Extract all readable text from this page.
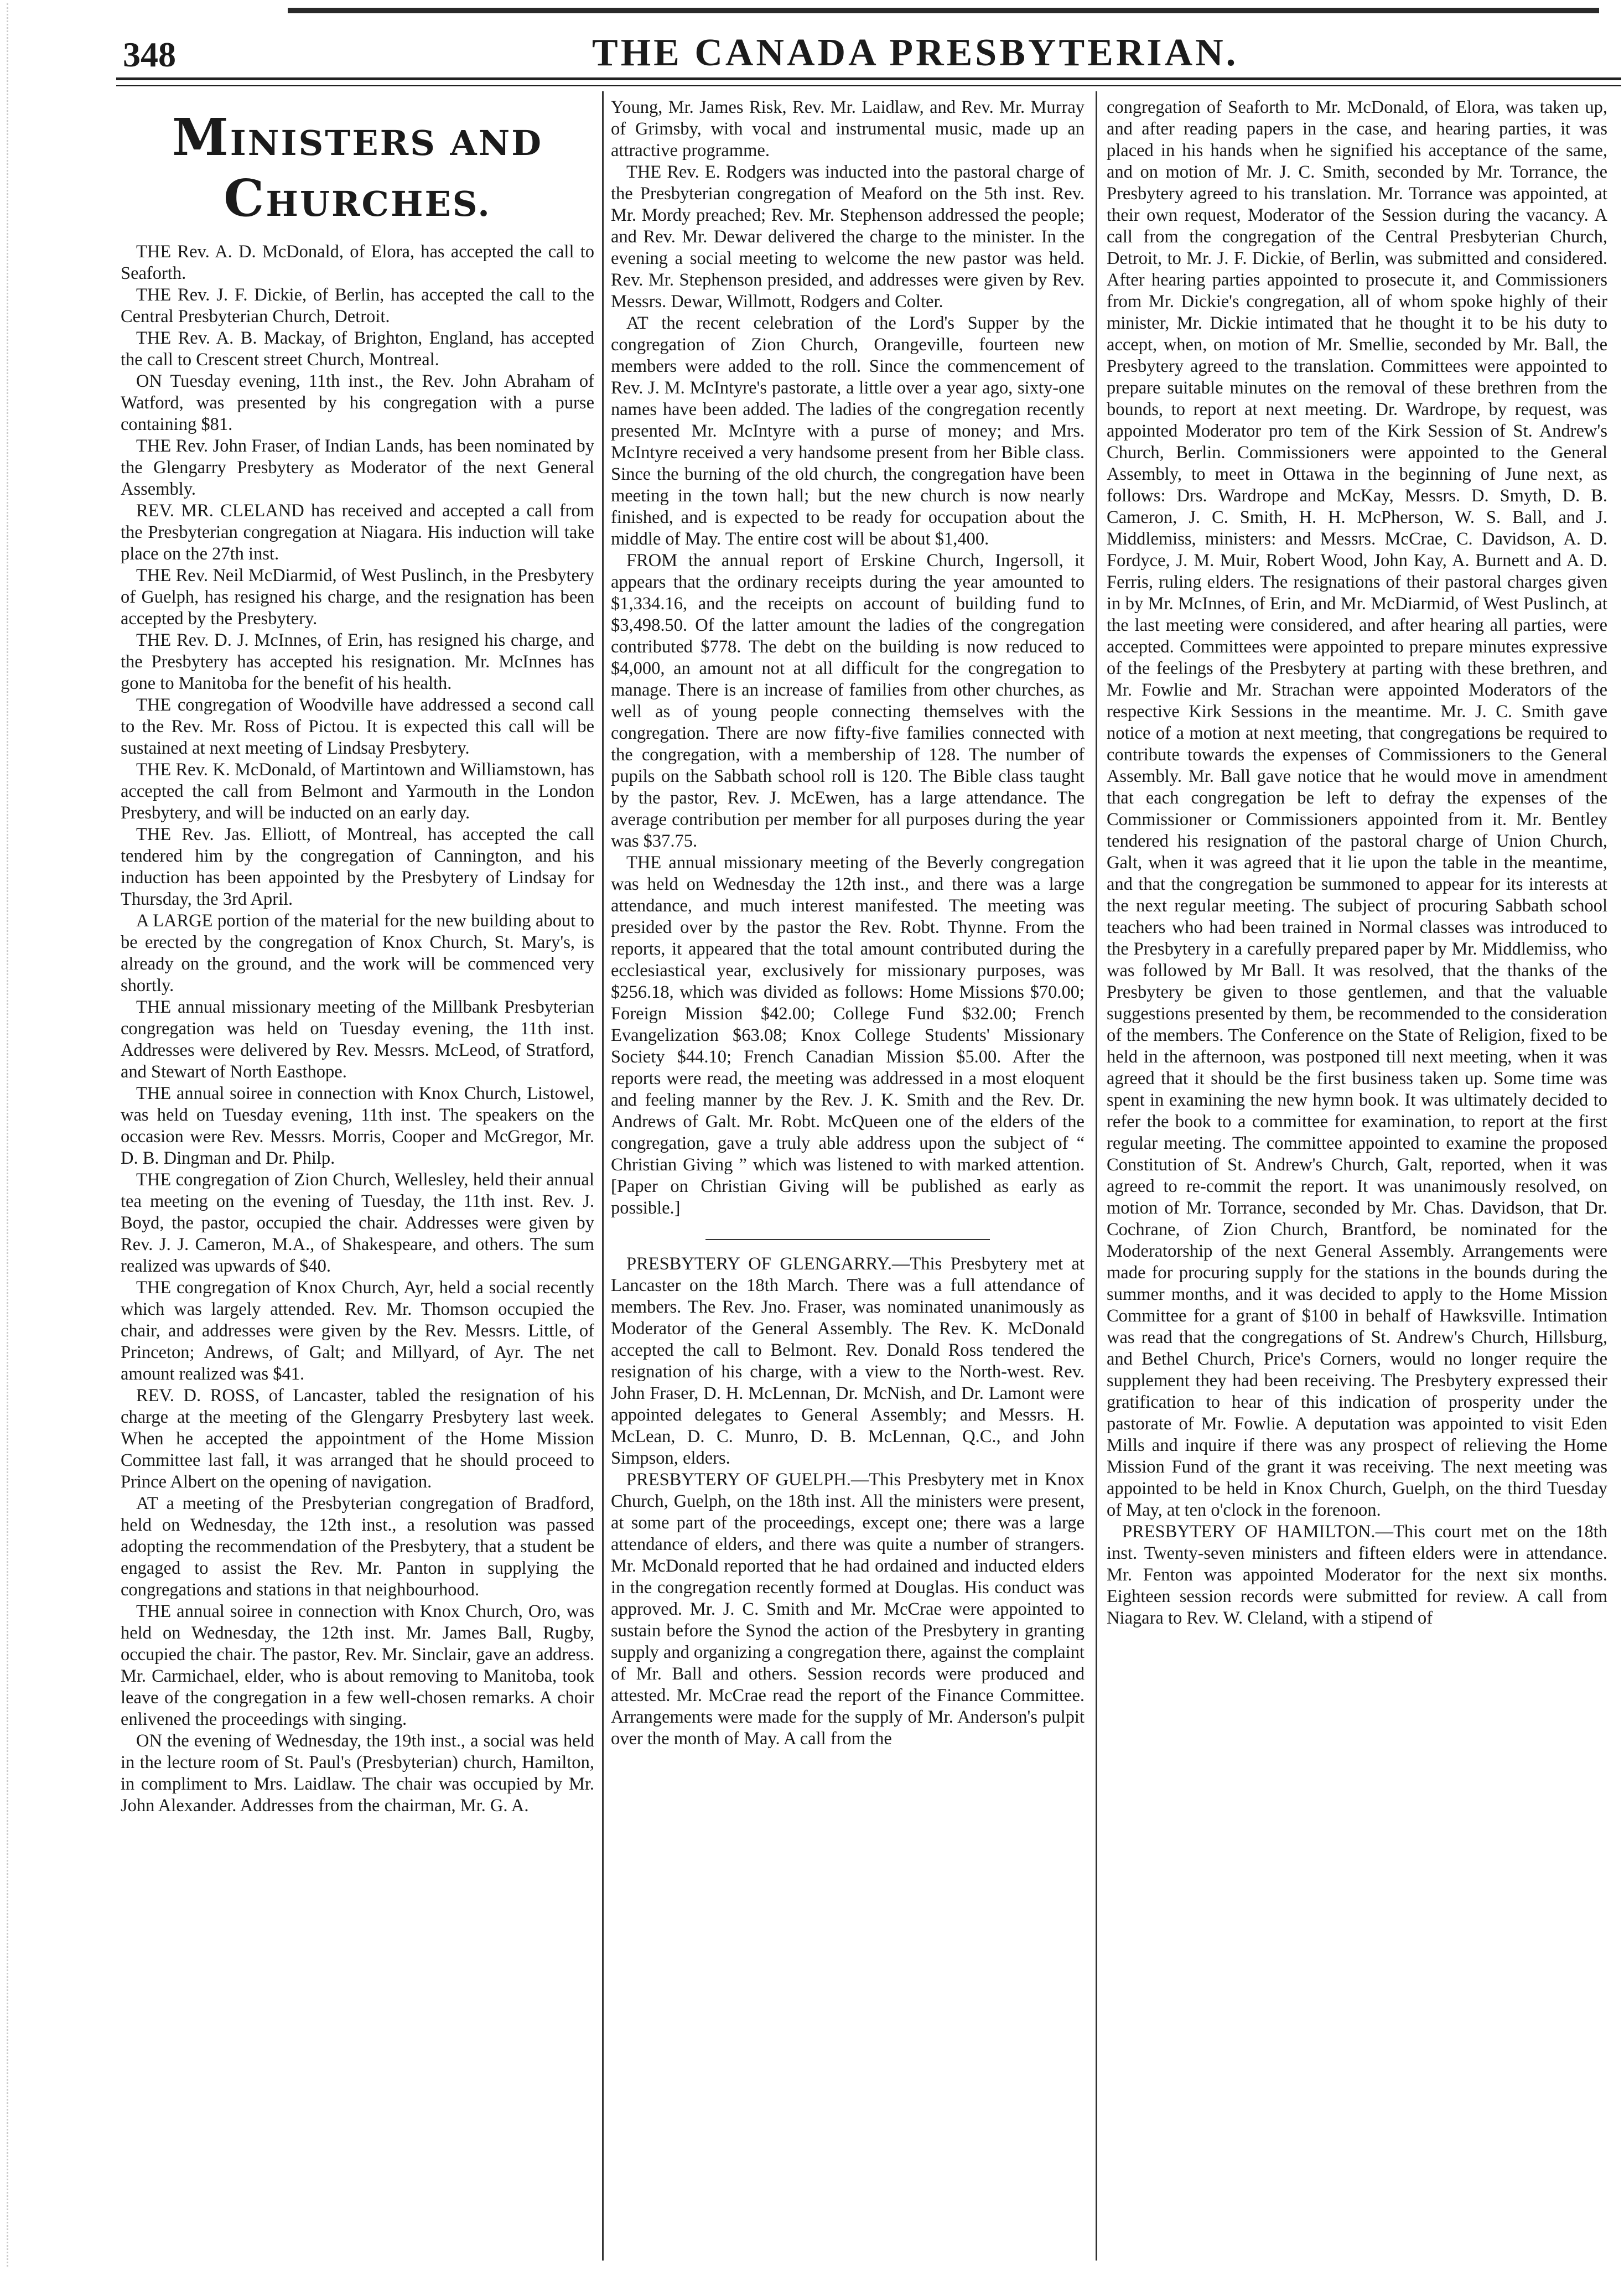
348	THE CANADA PRESBYTERIAN.
MINISTERS AND CHURCHES.

THE Rev. A. D. McDonald, of Elora, has accepted the call to Seaforth.

THE Rev. J. F. Dickie, of Berlin, has accepted the call to the Central Presbyterian Church, Detroit.

THE Rev. A. B. Mackay, of Brighton, England, has accepted the call to Crescent street Church, Montreal.

ON Tuesday evening, 11th inst., the Rev. John Abraham of Watford, was presented by his congregation with a purse containing $81.

THE Rev. John Fraser, of Indian Lands, has been nominated by the Glengarry Presbytery as Moderator of the next General Assembly.

REV. MR. CLELAND has received and accepted a call from the Presbyterian congregation at Niagara. His induction will take place on the 27th inst.

THE Rev. Neil McDiarmid, of West Puslinch, in the Presbytery of Guelph, has resigned his charge, and the resignation has been accepted by the Presbytery.

THE Rev. D. J. McInnes, of Erin, has resigned his charge, and the Presbytery has accepted his resignation. Mr. McInnes has gone to Manitoba for the benefit of his health.

THE congregation of Woodville have addressed a second call to the Rev. Mr. Ross of Pictou. It is expected this call will be sustained at next meeting of Lindsay Presbytery.

THE Rev. K. McDonald, of Martintown and Williamstown, has accepted the call from Belmont and Yarmouth in the London Presbytery, and will be inducted on an early day.

THE Rev. Jas. Elliott, of Montreal, has accepted the call tendered him by the congregation of Cannington, and his induction has been appointed by the Presbytery of Lindsay for Thursday, the 3rd April.

A LARGE portion of the material for the new building about to be erected by the congregation of Knox Church, St. Mary's, is already on the ground, and the work will be commenced very shortly.

THE annual missionary meeting of the Millbank Presbyterian congregation was held on Tuesday evening, the 11th inst. Addresses were delivered by Rev. Messrs. McLeod, of Stratford, and Stewart of North Easthope.

THE annual soiree in connection with Knox Church, Listowel, was held on Tuesday evening, 11th inst. The speakers on the occasion were Rev. Messrs. Morris, Cooper and McGregor, Mr. D. B. Dingman and Dr. Philp.

THE congregation of Zion Church, Wellesley, held their annual tea meeting on the evening of Tuesday, the 11th inst. Rev. J. Boyd, the pastor, occupied the chair. Addresses were given by Rev. J. J. Cameron, M.A., of Shakespeare, and others. The sum realized was upwards of $40.

THE congregation of Knox Church, Ayr, held a social recently which was largely attended. Rev. Mr. Thomson occupied the chair, and addresses were given by the Rev. Messrs. Little, of Princeton; Andrews, of Galt; and Millyard, of Ayr. The net amount realized was $41.

REV. D. ROSS, of Lancaster, tabled the resignation of his charge at the meeting of the Glengarry Presbytery last week. When he accepted the appointment of the Home Mission Committee last fall, it was arranged that he should proceed to Prince Albert on the opening of navigation.

AT a meeting of the Presbyterian congregation of Bradford, held on Wednesday, the 12th inst., a resolution was passed adopting the recommendation of the Presbytery, that a student be engaged to assist the Rev. Mr. Panton in supplying the congregations and stations in that neighbourhood.

THE annual soiree in connection with Knox Church, Oro, was held on Wednesday, the 12th inst. Mr. James Ball, Rugby, occupied the chair. The pastor, Rev. Mr. Sinclair, gave an address. Mr. Carmichael, elder, who is about removing to Manitoba, took leave of the congregation in a few well-chosen remarks. A choir enlivened the proceedings with singing.

ON the evening of Wednesday, the 19th inst., a social was held in the lecture room of St. Paul's (Presbyterian) church, Hamilton, in compliment to Mrs. Laidlaw. The chair was occupied by Mr. John Alexander. Addresses from the chairman, Mr. G. A.

Young, Mr. James Risk, Rev. Mr. Laidlaw, and Rev. Mr. Murray of Grimsby, with vocal and instrumental music, made up an attractive programme.

THE Rev. E. Rodgers was inducted into the pastoral charge of the Presbyterian congregation of Meaford on the 5th inst. Rev. Mr. Mordy preached; Rev. Mr. Stephenson addressed the people; and Rev. Mr. Dewar delivered the charge to the minister. In the evening a social meeting to welcome the new pastor was held. Rev. Mr. Stephenson presided, and addresses were given by Rev. Messrs. Dewar, Willmott, Rodgers and Colter.

AT the recent celebration of the Lord's Supper by the congregation of Zion Church, Orangeville, fourteen new members were added to the roll. Since the commencement of Rev. J. M. McIntyre's pastorate, a little over a year ago, sixty-one names have been added. The ladies of the congregation recently presented Mr. McIntyre with a purse of money; and Mrs. McIntyre received a very handsome present from her Bible class. Since the burning of the old church, the congregation have been meeting in the town hall; but the new church is now nearly finished, and is expected to be ready for occupation about the middle of May. The entire cost will be about $1,400.

FROM the annual report of Erskine Church, Ingersoll, it appears that the ordinary receipts during the year amounted to $1,334.16, and the receipts on account of building fund to $3,498.50. Of the latter amount the ladies of the congregation contributed $778. The debt on the building is now reduced to $4,000, an amount not at all difficult for the congregation to manage. There is an increase of families from other churches, as well as of young people connecting themselves with the congregation. There are now fifty-five families connected with the congregation, with a membership of 128. The number of pupils on the Sabbath school roll is 120. The Bible class taught by the pastor, Rev. J. McEwen, has a large attendance. The average contribution per member for all purposes during the year was $37.75.

THE annual missionary meeting of the Beverly congregation was held on Wednesday the 12th inst., and there was a large attendance, and much interest manifested. The meeting was presided over by the pastor the Rev. Robt. Thynne. From the reports, it appeared that the total amount contributed during the ecclesiastical year, exclusively for missionary purposes, was $256.18, which was divided as follows: Home Missions $70.00; Foreign Mission $42.00; College Fund $32.00; French Evangelization $63.08; Knox College Students' Missionary Society $44.10; French Canadian Mission $5.00. After the reports were read, the meeting was addressed in a most eloquent and feeling manner by the Rev. J. K. Smith and the Rev. Dr. Andrews of Galt. Mr. Robt. McQueen one of the elders of the congregation, gave a truly able address upon the subject of “ Christian Giving ” which was listened to with marked attention. [Paper on Christian Giving will be published as early as possible.]

PRESBYTERY OF GLENGARRY.—This Presbytery met at Lancaster on the 18th March. There was a full attendance of members. The Rev. Jno. Fraser, was nominated unanimously as Moderator of the General Assembly. The Rev. K. McDonald accepted the call to Belmont. Rev. Donald Ross tendered the resignation of his charge, with a view to the North-west. Rev. John Fraser, D. H. McLennan, Dr. McNish, and Dr. Lamont were appointed delegates to General Assembly; and Messrs. H. McLean, D. C. Munro, D. B. McLennan, Q.C., and John Simpson, elders.

PRESBYTERY OF GUELPH.—This Presbytery met in Knox Church, Guelph, on the 18th inst. All the ministers were present, at some part of the proceedings, except one; there was a large attendance of elders, and there was quite a number of strangers. Mr. McDonald reported that he had ordained and inducted elders in the congregation recently formed at Douglas. His conduct was approved. Mr. J. C. Smith and Mr. McCrae were appointed to sustain before the Synod the action of the Presbytery in granting supply and organizing a congregation there, against the complaint of Mr. Ball and others. Session records were produced and attested. Mr. McCrae read the report of the Finance Committee. Arrangements were made for the supply of Mr. Anderson's pulpit over the month of May. A call from the

congregation of Seaforth to Mr. McDonald, of Elora, was taken up, and after reading papers in the case, and hearing parties, it was placed in his hands when he signified his acceptance of the same, and on motion of Mr. J. C. Smith, seconded by Mr. Torrance, the Presbytery agreed to his translation. Mr. Torrance was appointed, at their own request, Moderator of the Session during the vacancy. A call from the congregation of the Central Presbyterian Church, Detroit, to Mr. J. F. Dickie, of Berlin, was submitted and considered. After hearing parties appointed to prosecute it, and Commissioners from Mr. Dickie's congregation, all of whom spoke highly of their minister, Mr. Dickie intimated that he thought it to be his duty to accept, when, on motion of Mr. Smellie, seconded by Mr. Ball, the Presbytery agreed to the translation. Committees were appointed to prepare suitable minutes on the removal of these brethren from the bounds, to report at next meeting. Dr. Wardrope, by request, was appointed Moderator pro tem of the Kirk Session of St. Andrew's Church, Berlin. Commissioners were appointed to the General Assembly, to meet in Ottawa in the beginning of June next, as follows: Drs. Wardrope and McKay, Messrs. D. Smyth, D. B. Cameron, J. C. Smith, H. H. McPherson, W. S. Ball, and J. Middlemiss, ministers: and Messrs. McCrae, C. Davidson, A. D. Fordyce, J. M. Muir, Robert Wood, John Kay, A. Burnett and A. D. Ferris, ruling elders. The resignations of their pastoral charges given in by Mr. McInnes, of Erin, and Mr. McDiarmid, of West Puslinch, at the last meeting were considered, and after hearing all parties, were accepted. Committees were appointed to prepare minutes expressive of the feelings of the Presbytery at parting with these brethren, and Mr. Fowlie and Mr. Strachan were appointed Moderators of the respective Kirk Sessions in the meantime. Mr. J. C. Smith gave notice of a motion at next meeting, that congregations be required to contribute towards the expenses of Commissioners to the General Assembly. Mr. Ball gave notice that he would move in amendment that each congregation be left to defray the expenses of the Commissioner or Commissioners appointed from it. Mr. Bentley tendered his resignation of the pastoral charge of Union Church, Galt, when it was agreed that it lie upon the table in the meantime, and that the congregation be summoned to appear for its interests at the next regular meeting. The subject of procuring Sabbath school teachers who had been trained in Normal classes was introduced to the Presbytery in a carefully prepared paper by Mr. Middlemiss, who was followed by Mr Ball. It was resolved, that the thanks of the Presbytery be given to those gentlemen, and that the valuable suggestions presented by them, be recommended to the consideration of the members. The Conference on the State of Religion, fixed to be held in the afternoon, was postponed till next meeting, when it was agreed that it should be the first business taken up. Some time was spent in examining the new hymn book. It was ultimately decided to refer the book to a committee for examination, to report at the first regular meeting. The committee appointed to examine the proposed Constitution of St. Andrew's Church, Galt, reported, when it was agreed to re-commit the report. It was unanimously resolved, on motion of Mr. Torrance, seconded by Mr. Chas. Davidson, that Dr. Cochrane, of Zion Church, Brantford, be nominated for the Moderatorship of the next General Assembly. Arrangements were made for procuring supply for the stations in the bounds during the summer months, and it was decided to apply to the Home Mission Committee for a grant of $100 in behalf of Hawksville. Intimation was read that the congregations of St. Andrew's Church, Hillsburg, and Bethel Church, Price's Corners, would no longer require the supplement they had been receiving. The Presbytery expressed their gratification to hear of this indication of prosperity under the pastorate of Mr. Fowlie. A deputation was appointed to visit Eden Mills and inquire if there was any prospect of relieving the Home Mission Fund of the grant it was receiving. The next meeting was appointed to be held in Knox Church, Guelph, on the third Tuesday of May, at ten o'clock in the forenoon.

PRESBYTERY OF HAMILTON.—This court met on the 18th inst. Twenty-seven ministers and fifteen elders were in attendance. Mr. Fenton was appointed Moderator for the next six months. Eighteen session records were submitted for review. A call from Niagara to Rev. W. Cleland, with a stipend of
